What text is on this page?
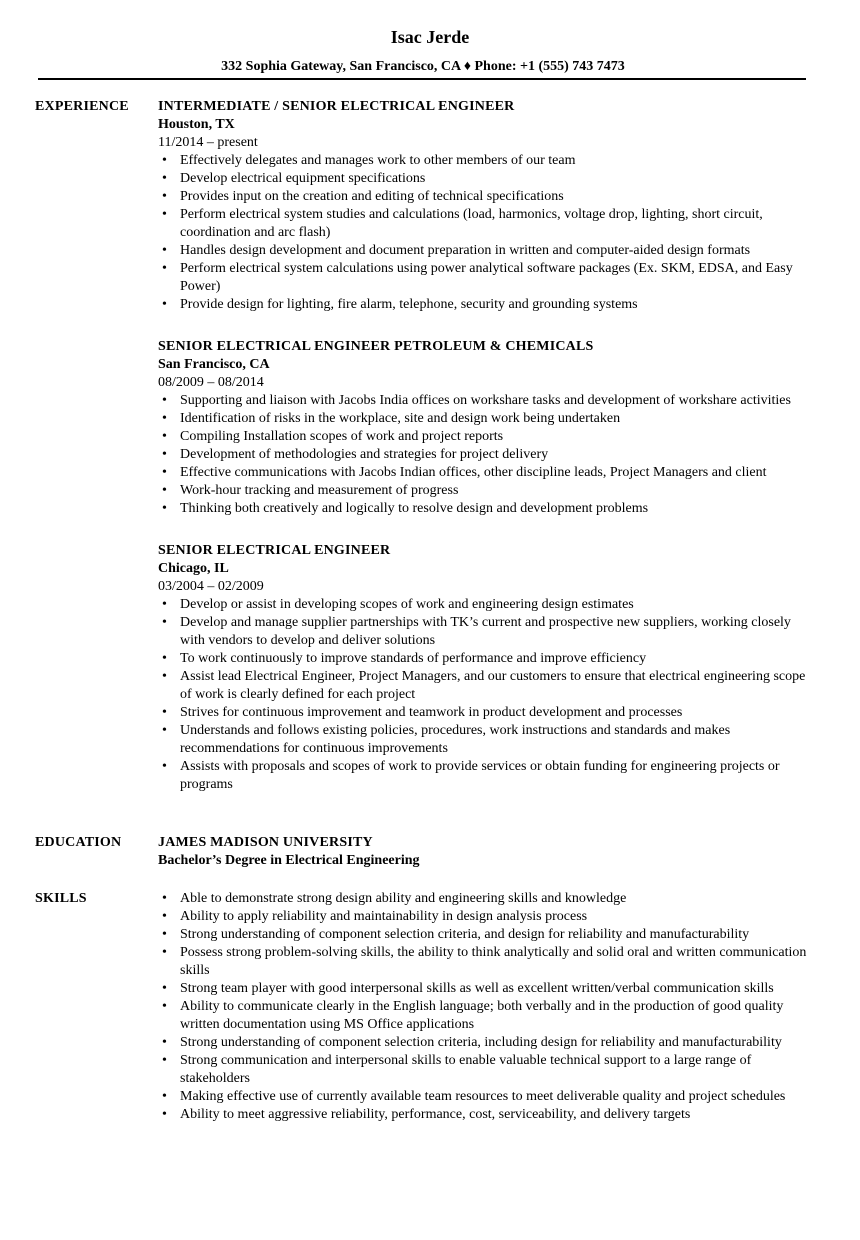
Isac Jerde
332 Sophia Gateway, San Francisco, CA ♦ Phone: +1 (555) 743 7473
EXPERIENCE INTERMEDIATE / SENIOR ELECTRICAL ENGINEER
Houston, TX
11/2014 – present
• Effectively delegates and manages work to other members of our team
• Develop electrical equipment specifications
• Provides input on the creation and editing of technical specifications
• Perform electrical system studies and calculations (load, harmonics, voltage drop, lighting, short circuit, coordination and arc flash)
• Handles design development and document preparation in written and computer-aided design formats
• Perform electrical system calculations using power analytical software packages (Ex. SKM, EDSA, and Easy Power)
• Provide design for lighting, fire alarm, telephone, security and grounding systems
SENIOR ELECTRICAL ENGINEER PETROLEUM & CHEMICALS
San Francisco, CA
08/2009 – 08/2014
• Supporting and liaison with Jacobs India offices on workshare tasks and development of workshare activities
• Identification of risks in the workplace, site and design work being undertaken
• Compiling Installation scopes of work and project reports
• Development of methodologies and strategies for project delivery
• Effective communications with Jacobs Indian offices, other discipline leads, Project Managers and client
• Work-hour tracking and measurement of progress
• Thinking both creatively and logically to resolve design and development problems
SENIOR ELECTRICAL ENGINEER
Chicago, IL
03/2004 – 02/2009
• Develop or assist in developing scopes of work and engineering design estimates
• Develop and manage supplier partnerships with TK’s current and prospective new suppliers, working closely with vendors to develop and deliver solutions
• To work continuously to improve standards of performance and improve efficiency
• Assist lead Electrical Engineer, Project Managers, and our customers to ensure that electrical engineering scope of work is clearly defined for each project
• Strives for continuous improvement and teamwork in product development and processes
• Understands and follows existing policies, procedures, work instructions and standards and makes recommendations for continuous improvements
• Assists with proposals and scopes of work to provide services or obtain funding for engineering projects or programs
EDUCATION	JAMES MADISON UNIVERSITY
Bachelor’s Degree in Electrical Engineering
SKILLS
•	Able to demonstrate strong design ability and engineering skills and knowledge
• Ability to apply reliability and maintainability in design analysis process
• Strong understanding of component selection criteria, and design for reliability and manufacturability
• Possess strong problem-solving skills, the ability to think analytically and solid oral and written communication skills
• Strong team player with good interpersonal skills as well as excellent written/verbal communication skills
• Ability to communicate clearly in the English language; both verbally and in the production of good quality written documentation using MS Office applications
• Strong understanding of component selection criteria, including design for reliability and manufacturability
• Strong communication and interpersonal skills to enable valuable technical support to a large range of stakeholders
• Making effective use of currently available team resources to meet deliverable quality and project schedules
• Ability to meet aggressive reliability, performance, cost, serviceability, and delivery targets
